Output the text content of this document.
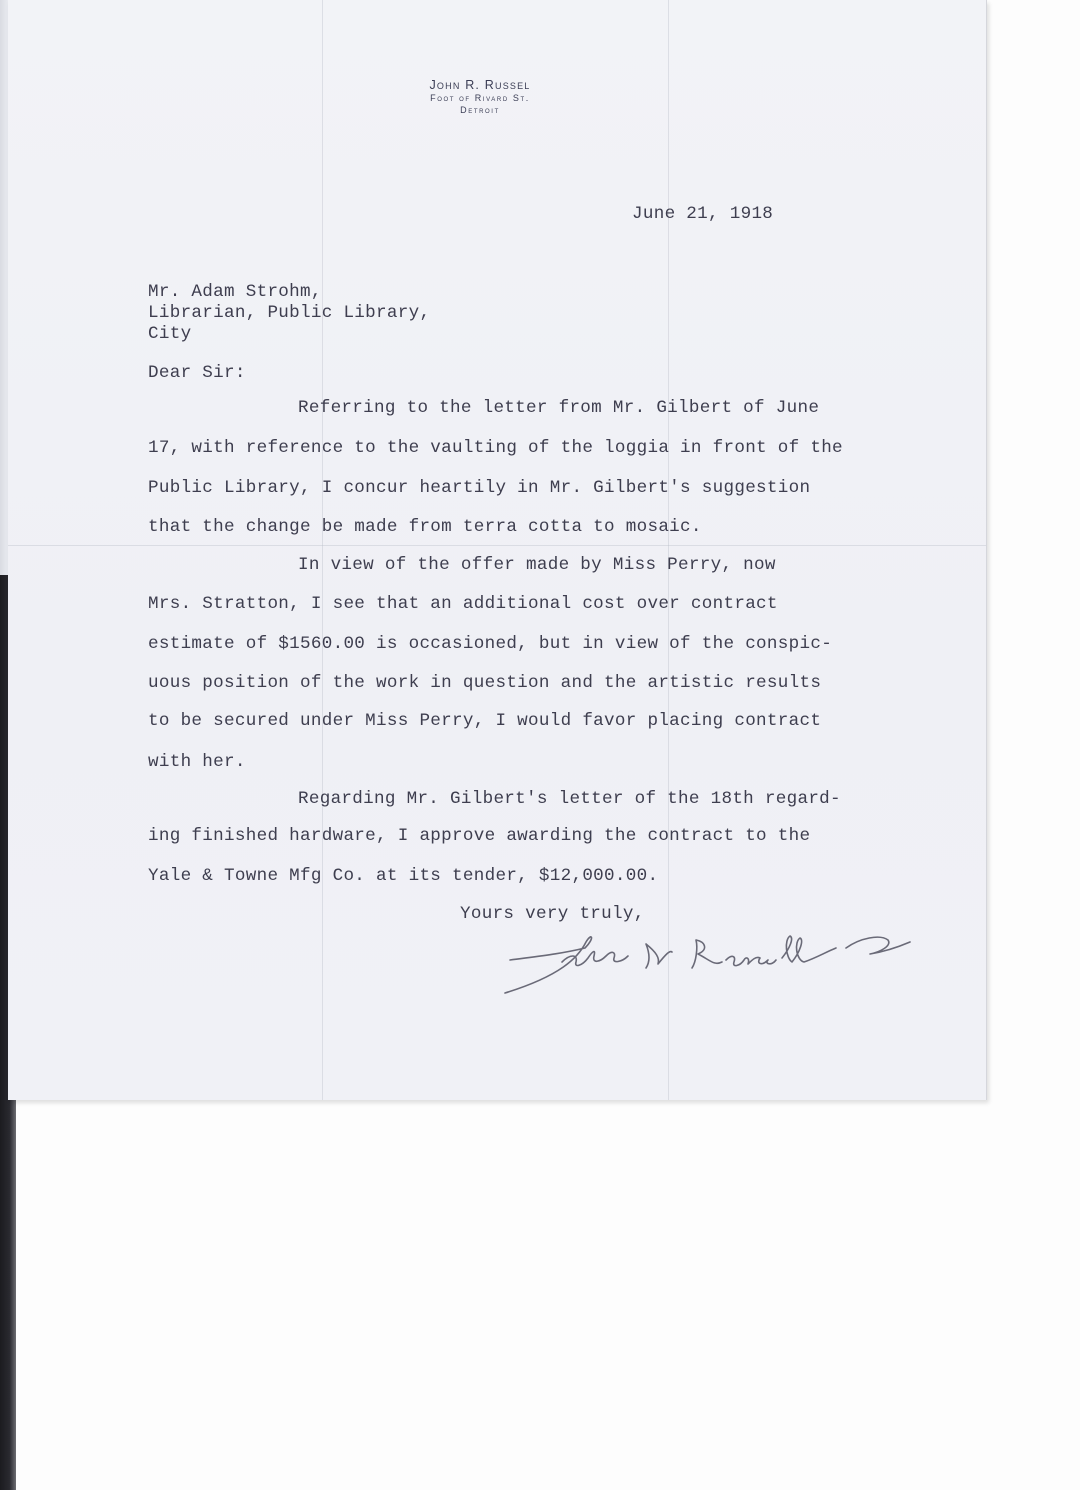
John R. Russel
Foot of Rivard St.
Detroit
June 21, 1918
Mr. Adam Strohm,
Librarian, Public Library,
City
Dear Sir:
Referring to the letter from Mr. Gilbert of June
17, with reference to the vaulting of the loggia in front of the
Public Library, I concur heartily in Mr. Gilbert's suggestion
that the change be made from terra cotta to mosaic.
In view of the offer made by Miss Perry, now
Mrs. Stratton, I see that an additional cost over contract
estimate of $1560.00 is occasioned, but in view of the conspic-
uous position of the work in question and the artistic results
to be secured under Miss Perry, I would favor placing contract
with her.
Regarding Mr. Gilbert's letter of the 18th regard-
ing finished hardware, I approve awarding the contract to the
Yale & Towne Mfg Co. at its tender, $12,000.00.
Yours very truly,
